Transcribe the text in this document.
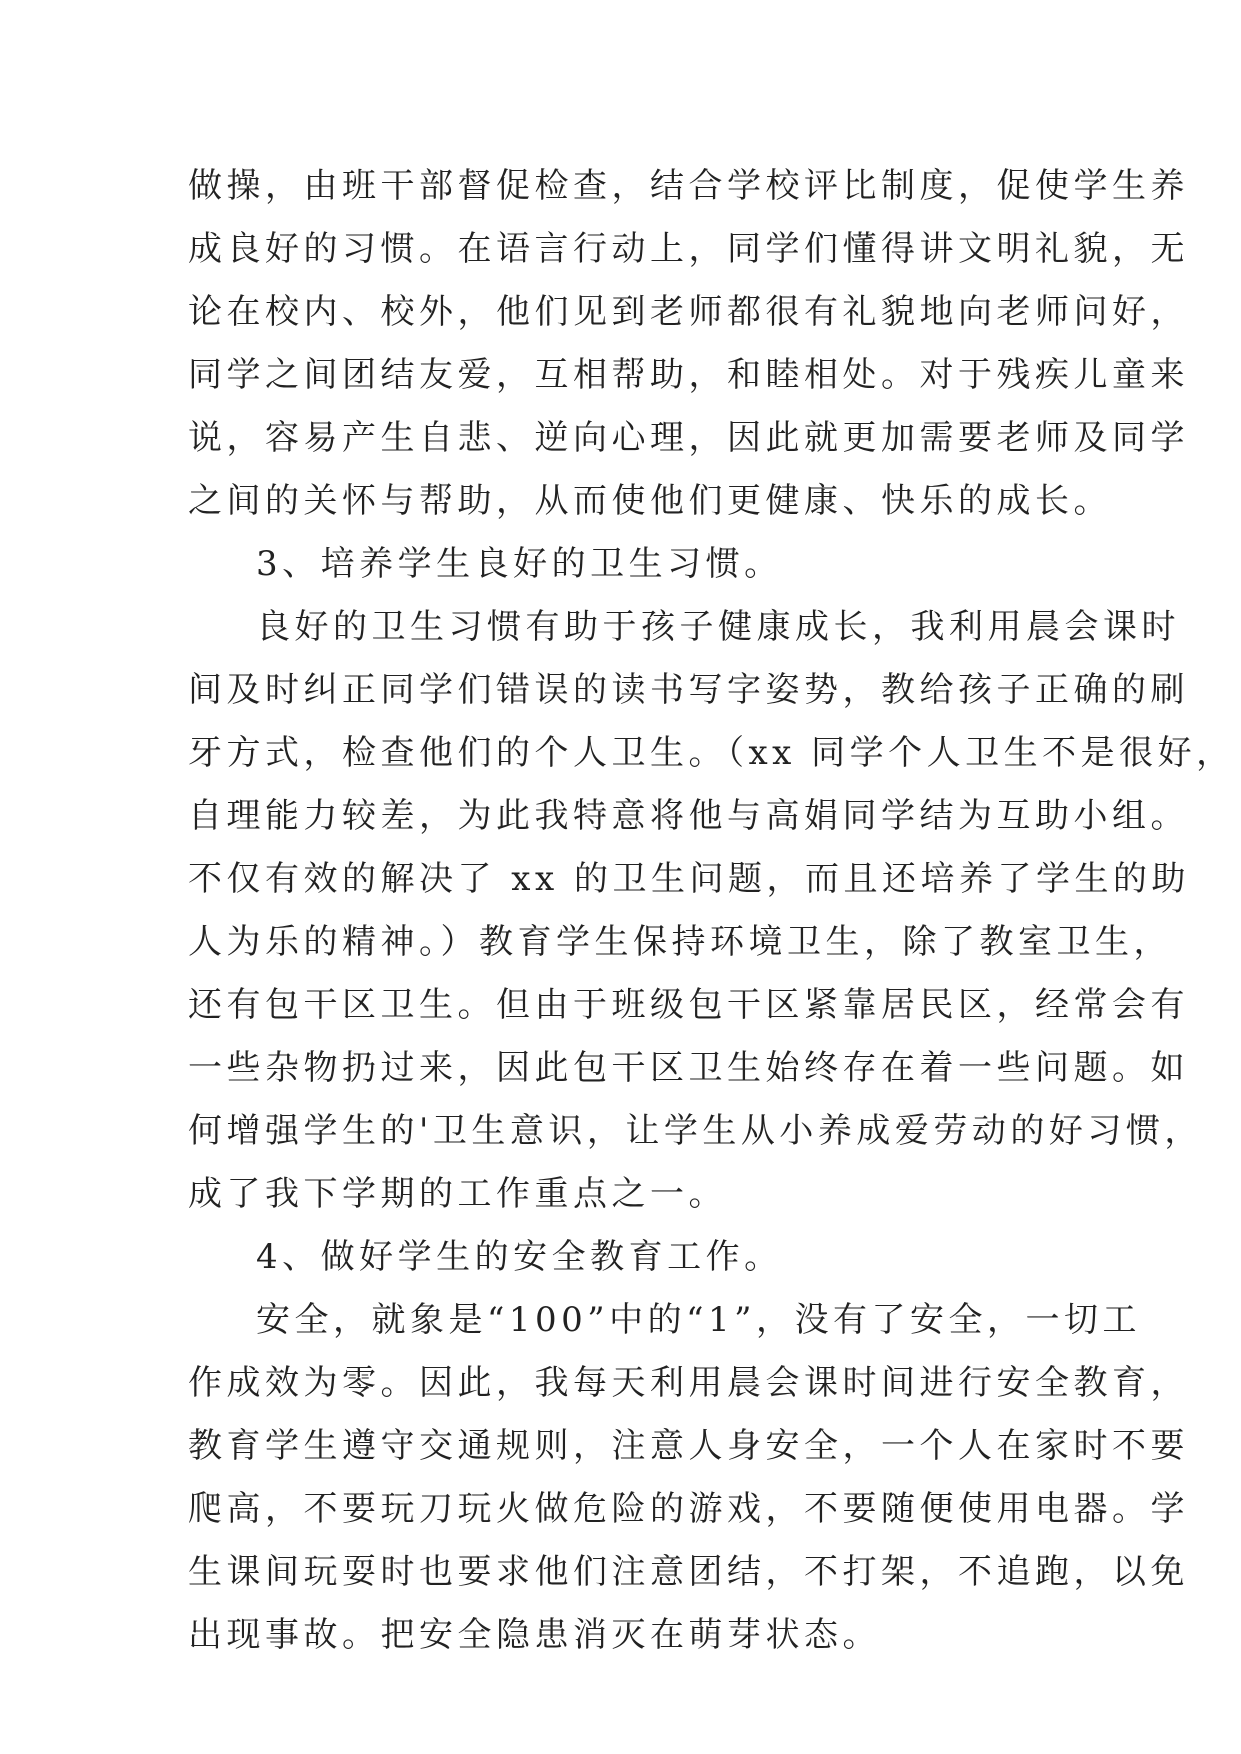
做操，由班干部督促检查，结合学校评比制度，促使学生养
成良好的习惯。在语言行动上，同学们懂得讲文明礼貌，无
论在校内、校外，他们见到老师都很有礼貌地向老师问好，
同学之间团结友爱，互相帮助，和睦相处。对于残疾儿童来
说，容易产生自悲、逆向心理，因此就更加需要老师及同学
之间的关怀与帮助，从而使他们更健康、快乐的成长。
3、培养学生良好的卫生习惯。
良好的卫生习惯有助于孩子健康成长，我利用晨会课时
间及时纠正同学们错误的读书写字姿势，教给孩子正确的刷
牙方式，检查他们的个人卫生。（xx 同学个人卫生不是很好，
自理能力较差，为此我特意将他与高娟同学结为互助小组。
不仅有效的解决了 xx 的卫生问题，而且还培养了学生的助
人为乐的精神。）教育学生保持环境卫生，除了教室卫生，
还有包干区卫生。但由于班级包干区紧靠居民区，经常会有
一些杂物扔过来，因此包干区卫生始终存在着一些问题。如
何增强学生的'卫生意识，让学生从小养成爱劳动的好习惯，
成了我下学期的工作重点之一。
4、做好学生的安全教育工作。
安全，就象是“100”中的“1”，没有了安全，一切工
作成效为零。因此，我每天利用晨会课时间进行安全教育，
教育学生遵守交通规则，注意人身安全，一个人在家时不要
爬高，不要玩刀玩火做危险的游戏，不要随便使用电器。学
生课间玩耍时也要求他们注意团结，不打架，不追跑，以免
出现事故。把安全隐患消灭在萌芽状态。
